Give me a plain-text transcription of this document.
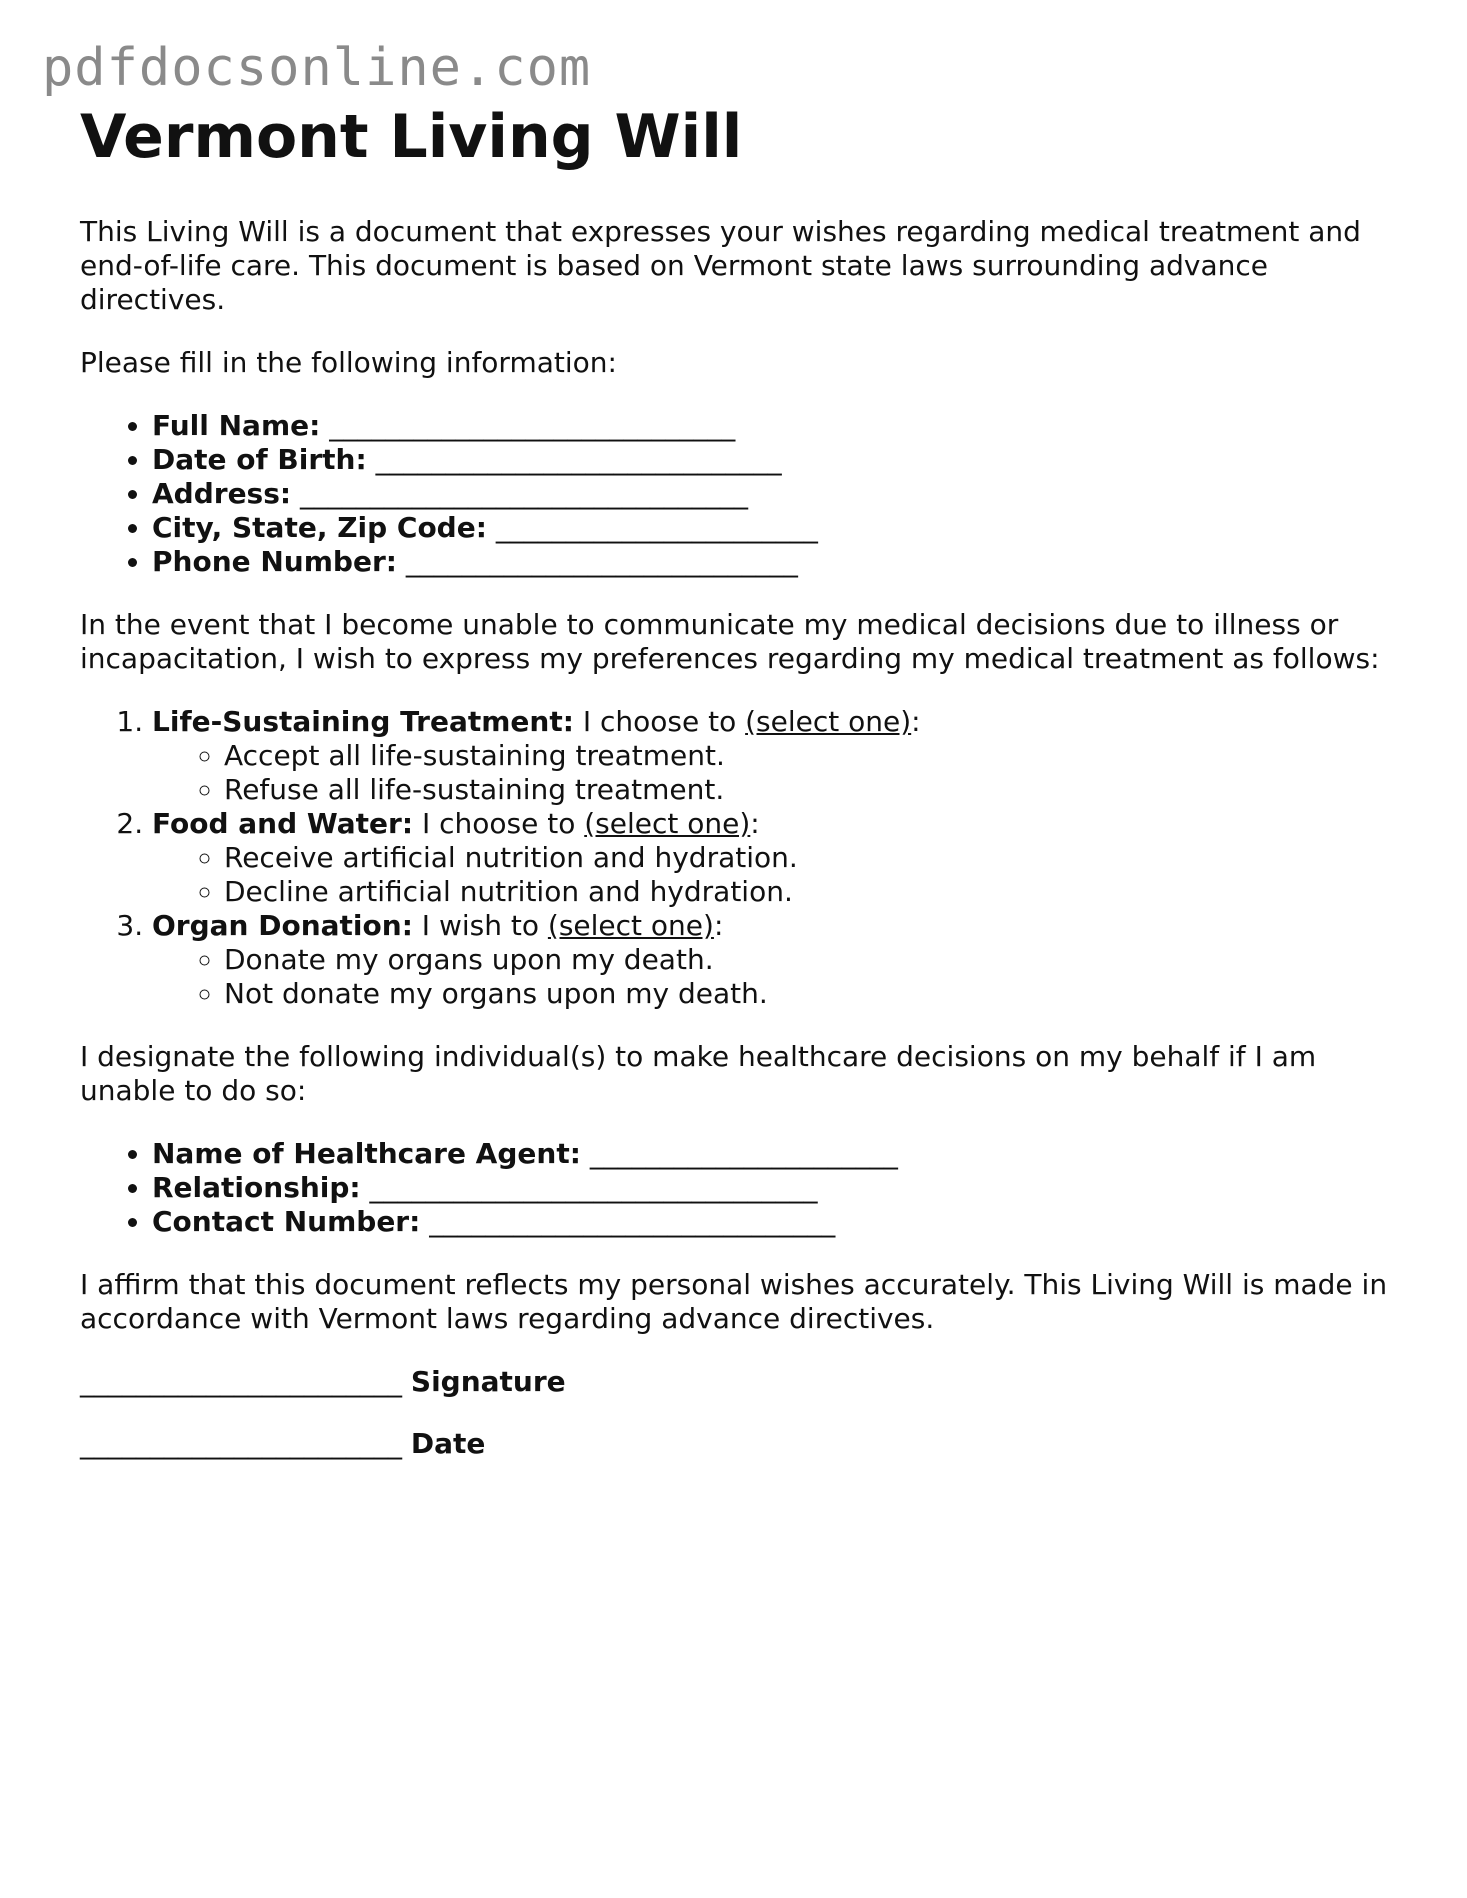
pdfdocsonline.com
Vermont Living Will

This Living Will is a document that expresses your wishes regarding medical treatment and end-of-life care. This document is based on Vermont state laws surrounding advance directives.

Please fill in the following information:

• Full Name: _____________________________
• Date of Birth: _____________________________
• Address: ________________________________
• City, State, Zip Code: _______________________
• Phone Number: ____________________________

In the event that I become unable to communicate my medical decisions due to illness or incapacitation, I wish to express my preferences regarding my medical treatment as follows:

1. Life-Sustaining Treatment: I choose to (select one):
◦ Accept all life-sustaining treatment.
◦ Refuse all life-sustaining treatment.
2. Food and Water: I choose to (select one):
◦ Receive artificial nutrition and hydration.
◦ Decline artificial nutrition and hydration.
3. Organ Donation: I wish to (select one):
◦ Donate my organs upon my death.
◦ Not donate my organs upon my death.

I designate the following individual(s) to make healthcare decisions on my behalf if I am unable to do so:

• Name of Healthcare Agent: ______________________
• Relationship: ________________________________
• Contact Number: _____________________________

I affirm that this document reflects my personal wishes accurately. This Living Will is made in accordance with Vermont laws regarding advance directives.

_______________________ Signature
_______________________ Date
